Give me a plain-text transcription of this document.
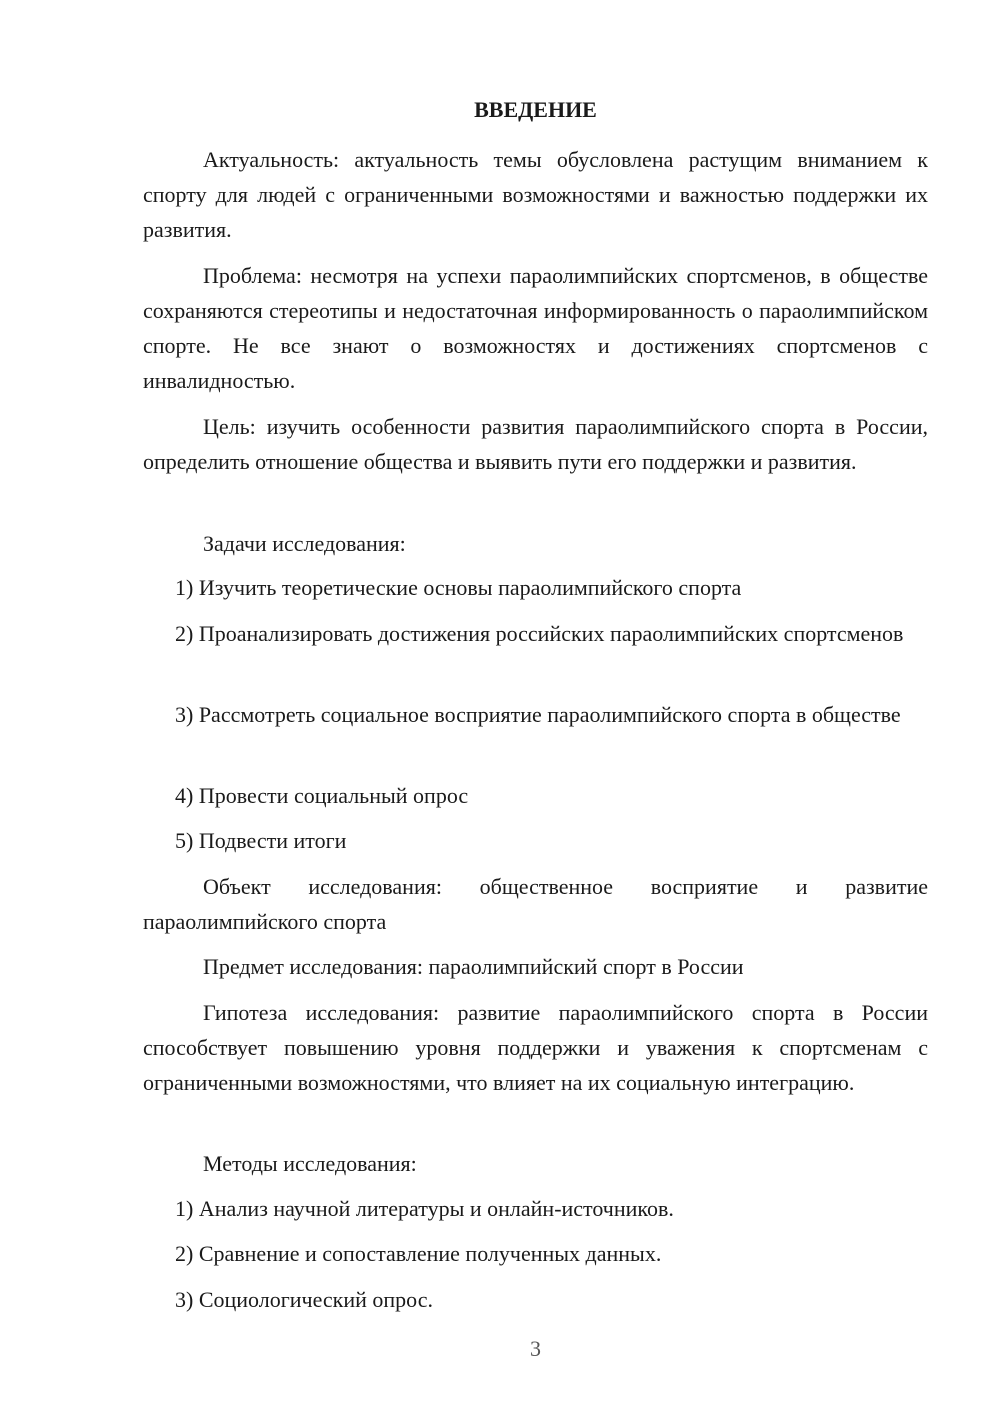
ВВЕДЕНИЕ
Актуальность: актуальность темы обусловлена растущим вниманием к спорту для людей с ограниченными возможностями и важностью поддержки их развития.
Проблема: несмотря на успехи параолимпийских спортсменов, в обществе сохраняются стереотипы и недостаточная информированность о параолимпийском спорте. Не все знают о возможностях и достижениях спортсменов с инвалидностью.
Цель: изучить особенности развития параолимпийского спорта в России, определить отношение общества и выявить пути его поддержки и развития.
Задачи исследования:
1) Изучить теоретические основы параолимпийского спорта
2) Проанализировать достижения российских параолимпийских спортсменов
3) Рассмотреть социальное восприятие параолимпийского спорта в обществе
4) Провести социальный опрос
5) Подвести итоги
Объект исследования: общественное восприятие и развитие параолимпийского спорта
Предмет исследования: параолимпийский спорт в России
Гипотеза исследования: развитие параолимпийского спорта в России способствует повышению уровня поддержки и уважения к спортсменам с ограниченными возможностями, что влияет на их социальную интеграцию.
Методы исследования:
1) Анализ научной литературы и онлайн-источников.
2) Сравнение и сопоставление полученных данных.
3) Социологический опрос.
3
